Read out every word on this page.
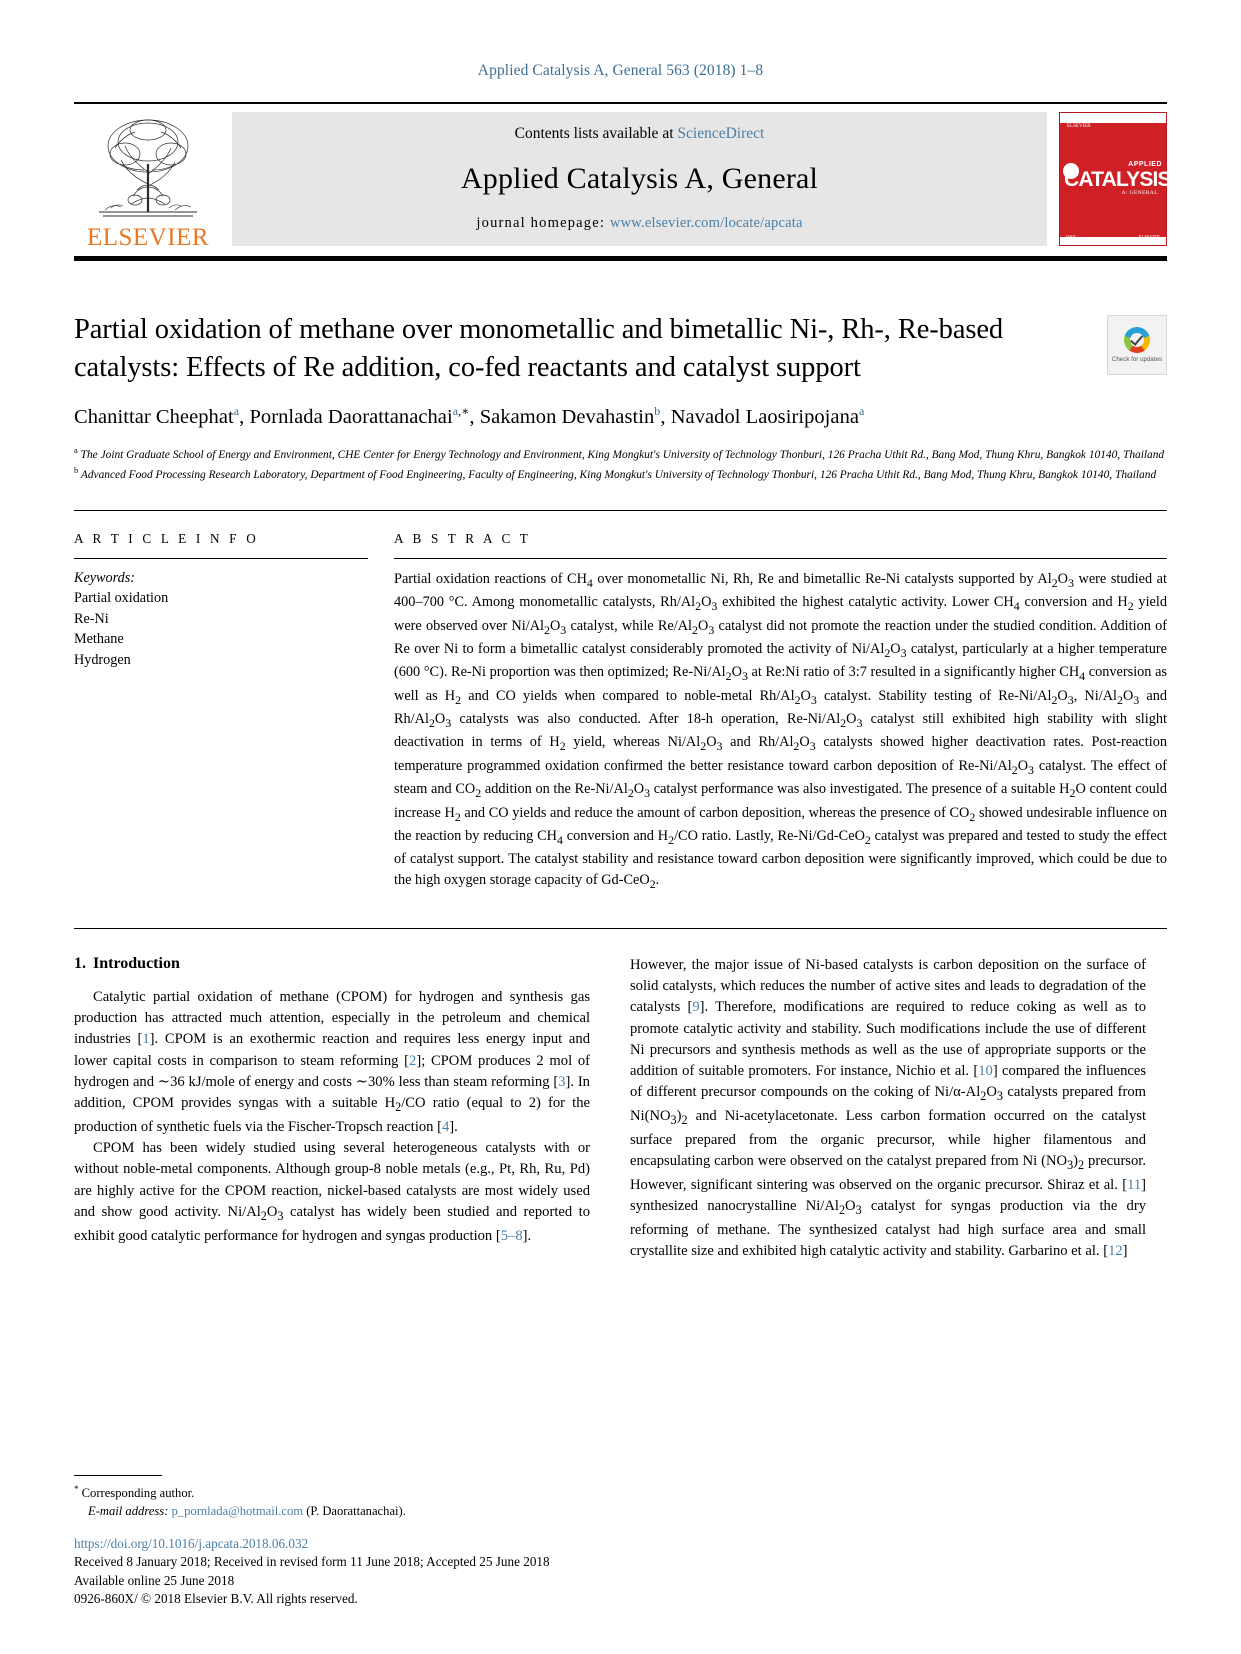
Applied Catalysis A, General 563 (2018) 1–8
ELSEVIER
Contents lists available at ScienceDirect
Applied Catalysis A, General
journal homepage: www.elsevier.com/locate/apcata
ELSEVIER
APPLIED
CATALYSIS
A: GENERAL
Partial oxidation of methane over monometallic and bimetallic Ni-, Rh-, Re-based catalysts: Effects of Re addition, co-fed reactants and catalyst support	Check for updates
Chanittar Cheephat$^a$, Pornlada Daorattanachai$^{a,∗}$, Sakamon Devahastin$^b$, Navadol Laosiripojana$^a$

$^a$ The Joint Graduate School of Energy and Environment, CHE Center for Energy Technology and Environment, King Mongkut's University of Technology Thonburi, 126 Pracha Uthit Rd., Bang Mod, Thung Khru, Bangkok 10140, Thailand

$^b$ Advanced Food Processing Research Laboratory, Department of Food Engineering, Faculty of Engineering, King Mongkut's University of Technology Thonburi, 126 Pracha Uthit Rd., Bang Mod, Thung Khru, Bangkok 10140, Thailand

A R T I C L E I N F O
Keywords:
Partial oxidation
Re-Ni
Methane
Hydrogen
A B S T R A C T

Partial oxidation reactions of $CH_4$ over monometallic Ni, Rh, Re and bimetallic Re-Ni catalysts supported by $Al_2O_3$ were studied at 400–700 °C. Among monometallic catalysts, $Rh/Al_2O_3$ exhibited the highest catalytic activity. Lower $CH_4$ conversion and $H_2$ yield were observed over $Ni/Al_2O_3$ catalyst, while $Re/Al_2O_3$ catalyst did not promote the reaction under the studied condition. Addition of Re over Ni to form a bimetallic catalyst considerably promoted the activity of $Ni/Al_2O_3$ catalyst, particularly at a higher temperature (600 °C). Re-Ni proportion was then optimized; $Re-Ni/Al_2O_3$ at Re:Ni ratio of 3:7 resulted in a significantly higher $CH_4$ conversion as well as $H_2$ and CO yields when compared to noble-metal $Rh/Al_2O_3$ catalyst. Stability testing of $Re-Ni/Al_2O_3$, $Ni/Al_2O_3$ and $Rh/Al_2O_3$ catalysts was also conducted. After 18-h operation, $Re-Ni/Al_2O_3$ catalyst still exhibited high stability with slight deactivation in terms of $H_2$ yield, whereas $Ni/Al_2O_3$ and $Rh/Al_2O_3$ catalysts showed higher deactivation rates. Post-reaction temperature programmed oxidation confirmed the better resistance toward carbon deposition of $Re-Ni/Al_2O_3$ catalyst. The effect of steam and $CO_2$ addition on the $Re-Ni/Al_2O_3$ catalyst performance was also investigated. The presence of a suitable $H_2O$ content could increase $H_2$ and CO yields and reduce the amount of carbon deposition, whereas the presence of $CO_2$ showed undesirable influence on the reaction by reducing $CH_4$ conversion and $H_2/CO$ ratio. Lastly, Re-Ni/Gd-CeO$_2$ catalyst was prepared and tested to study the effect of catalyst support. The catalyst stability and resistance toward carbon deposition were significantly improved, which could be due to the high oxygen storage capacity of Gd-CeO$_2$.

1. Introduction

Catalytic partial oxidation of methane (CPOM) for hydrogen and synthesis gas production has attracted much attention, especially in the petroleum and chemical industries [1]. CPOM is an exothermic reaction and requires less energy input and lower capital costs in comparison to steam reforming [2]; CPOM produces 2 mol of hydrogen and ∼36 kJ/mole of energy and costs ∼30% less than steam reforming [3]. In addition, CPOM provides syngas with a suitable $H_2/CO$ ratio (equal to 2) for the production of synthetic fuels via the Fischer-Tropsch reaction [4].

CPOM has been widely studied using several heterogeneous catalysts with or without noble-metal components. Although group-8 noble metals (e.g., Pt, Rh, Ru, Pd) are highly active for the CPOM reaction, nickel-based catalysts are most widely used and show good activity. $Ni/Al_2O_3$ catalyst has widely been studied and reported to exhibit good catalytic performance for hydrogen and syngas production [5–8].

However, the major issue of Ni-based catalysts is carbon deposition on the surface of solid catalysts, which reduces the number of active sites and leads to degradation of the catalysts [9]. Therefore, modifications are required to reduce coking as well as to promote catalytic activity and stability. Such modifications include the use of different Ni precursors and synthesis methods as well as the use of appropriate supports or the addition of suitable promoters. For instance, Nichio et al. [10] compared the influences of different precursor compounds on the coking of $Ni/\alpha-Al_2O_3$ catalysts prepared from $Ni(NO_3)_2$ and Ni-acetylacetonate. Less carbon formation occurred on the catalyst surface prepared from the organic precursor, while higher filamentous and encapsulating carbon were observed on the catalyst prepared from Ni $(NO_3)_2$ precursor. However, significant sintering was observed on the organic precursor. Shiraz et al. [11] synthesized nanocrystalline $Ni/Al_2O_3$ catalyst for syngas production via the dry reforming of methane. The synthesized catalyst had high surface area and small crystallite size and exhibited high catalytic activity and stability. Garbarino et al. [12]

* Corresponding author.
E-mail address: p_pornlada@hotmail.com (P. Daorattanachai).
https://doi.org/10.1016/j.apcata.2018.06.032
Received 8 January 2018; Received in revised form 11 June 2018; Accepted 25 June 2018
Available online 25 June 2018
0926-860X/ © 2018 Elsevier B.V. All rights reserved.
